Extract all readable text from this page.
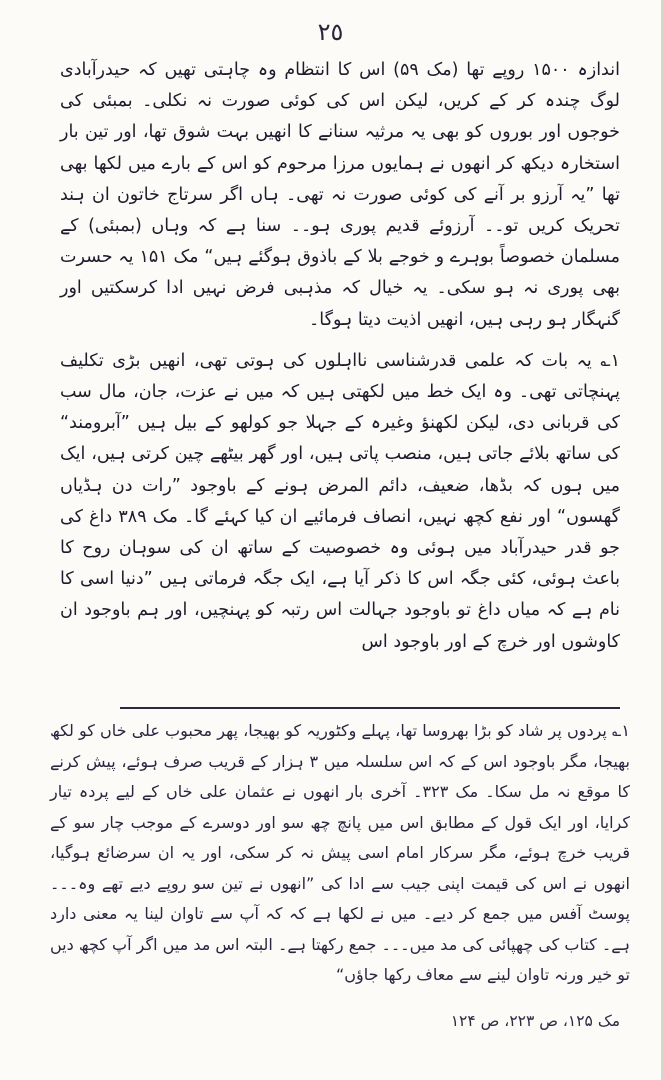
٢٥

اندازہ ۱۵۰۰ روپے تھا (مک ۵۹) اس کا انتظام وہ چاہتی تھیں کہ حیدرآبادی لوگ چندہ کر کے کریں، لیکن اس کی کوئی صورت نہ نکلی۔ بمبئی کی خوجوں اور بوروں کو بھی یہ مرثیہ سنانے کا انھیں بہت شوق تھا، اور تین بار استخارہ دیکھ کر انھوں نے ہمایوں مرزا مرحوم کو اس کے بارے میں لکھا بھی تھا ”یہ آرزو بر آنے کی کوئی صورت نہ تھی۔ ہاں اگر سرتاج خاتون ان ہند تحریک کریں تو۔۔ آرزوئے قدیم پوری ہو۔۔ سنا ہے کہ وہاں (بمبئی) کے مسلمان خصوصاً بوہرے و خوجے بلا کے باذوق ہوگئے ہیں“ مک ۱۵۱ یہ حسرت بھی پوری نہ ہو سکی۔ یہ خیال کہ مذہبی فرض نہیں ادا کرسکتیں اور گنہگار ہو رہی ہیں، انھیں اذیت دیتا ہوگا۔

۱؎ یہ بات کہ علمی قدرشناسی نااہلوں کی ہوتی تھی، انھیں بڑی تکلیف پہنچاتی تھی۔ وہ ایک خط میں لکھتی ہیں کہ میں نے عزت، جان، مال سب کی قربانی دی، لیکن لکھنؤ وغیرہ کے جہلا جو کولھو کے بیل ہیں ”آبرومند“ کی ساتھ بلائے جاتی ہیں، منصب پاتی ہیں، اور گھر بیٹھے چین کرتی ہیں، ایک میں ہوں کہ بڈھا، ضعیف، دائم المرض ہونے کے باوجود ”رات دن ہڈیاں گھسوں“ اور نفع کچھ نہیں، انصاف فرمائیے ان کیا کہئے گا۔ مک ۳۸۹ داغ کی جو قدر حیدرآباد میں ہوئی وہ خصوصیت کے ساتھ ان کی سوہان روح کا باعث ہوئی، کئی جگہ اس کا ذکر آیا ہے، ایک جگہ فرماتی ہیں ”دنیا اسی کا نام ہے کہ میاں داغ تو باوجود جہالت اس رتبہ کو پہنچیں، اور ہم باوجود ان کاوشوں اور خرچ کے اور باوجود اس

۱؎ پردوں پر شاد کو بڑا بھروسا تھا، پہلے وکٹوریہ کو بھیجا، پھر محبوب علی خاں کو لکھ بھیجا، مگر باوجود اس کے کہ اس سلسلہ میں ۳ ہزار کے قریب صرف ہوئے، پیش کرنے کا موقع نہ مل سکا۔ مک ۳۲۳۔ آخری بار انھوں نے عثمان علی خاں کے لیے پردہ تیار کرایا، اور ایک قول کے مطابق اس میں پانچ چھ سو اور دوسرے کے موجب چار سو کے قریب خرچ ہوئے، مگر سرکار امام اسی پیش نہ کر سکی، اور یہ ان سرضائع ہوگیا، انھوں نے اس کی قیمت اپنی جیب سے ادا کی ”انھوں نے تین سو روپے دیے تھے وہ۔۔۔ پوسٹ آفس میں جمع کر دیے۔ میں نے لکھا ہے کہ کہ آپ سے تاوان لینا یہ معنی دارد ہے۔ کتاب کی چھپائی کی مد میں۔۔۔ جمع رکھتا ہے۔ البتہ اس مد میں اگر آپ کچھ دیں تو خیر ورنہ تاوان لینے سے معاف رکھا جاؤں“

مک ۱۲۵، ص ۲۲۳، ص ۱۲۴
